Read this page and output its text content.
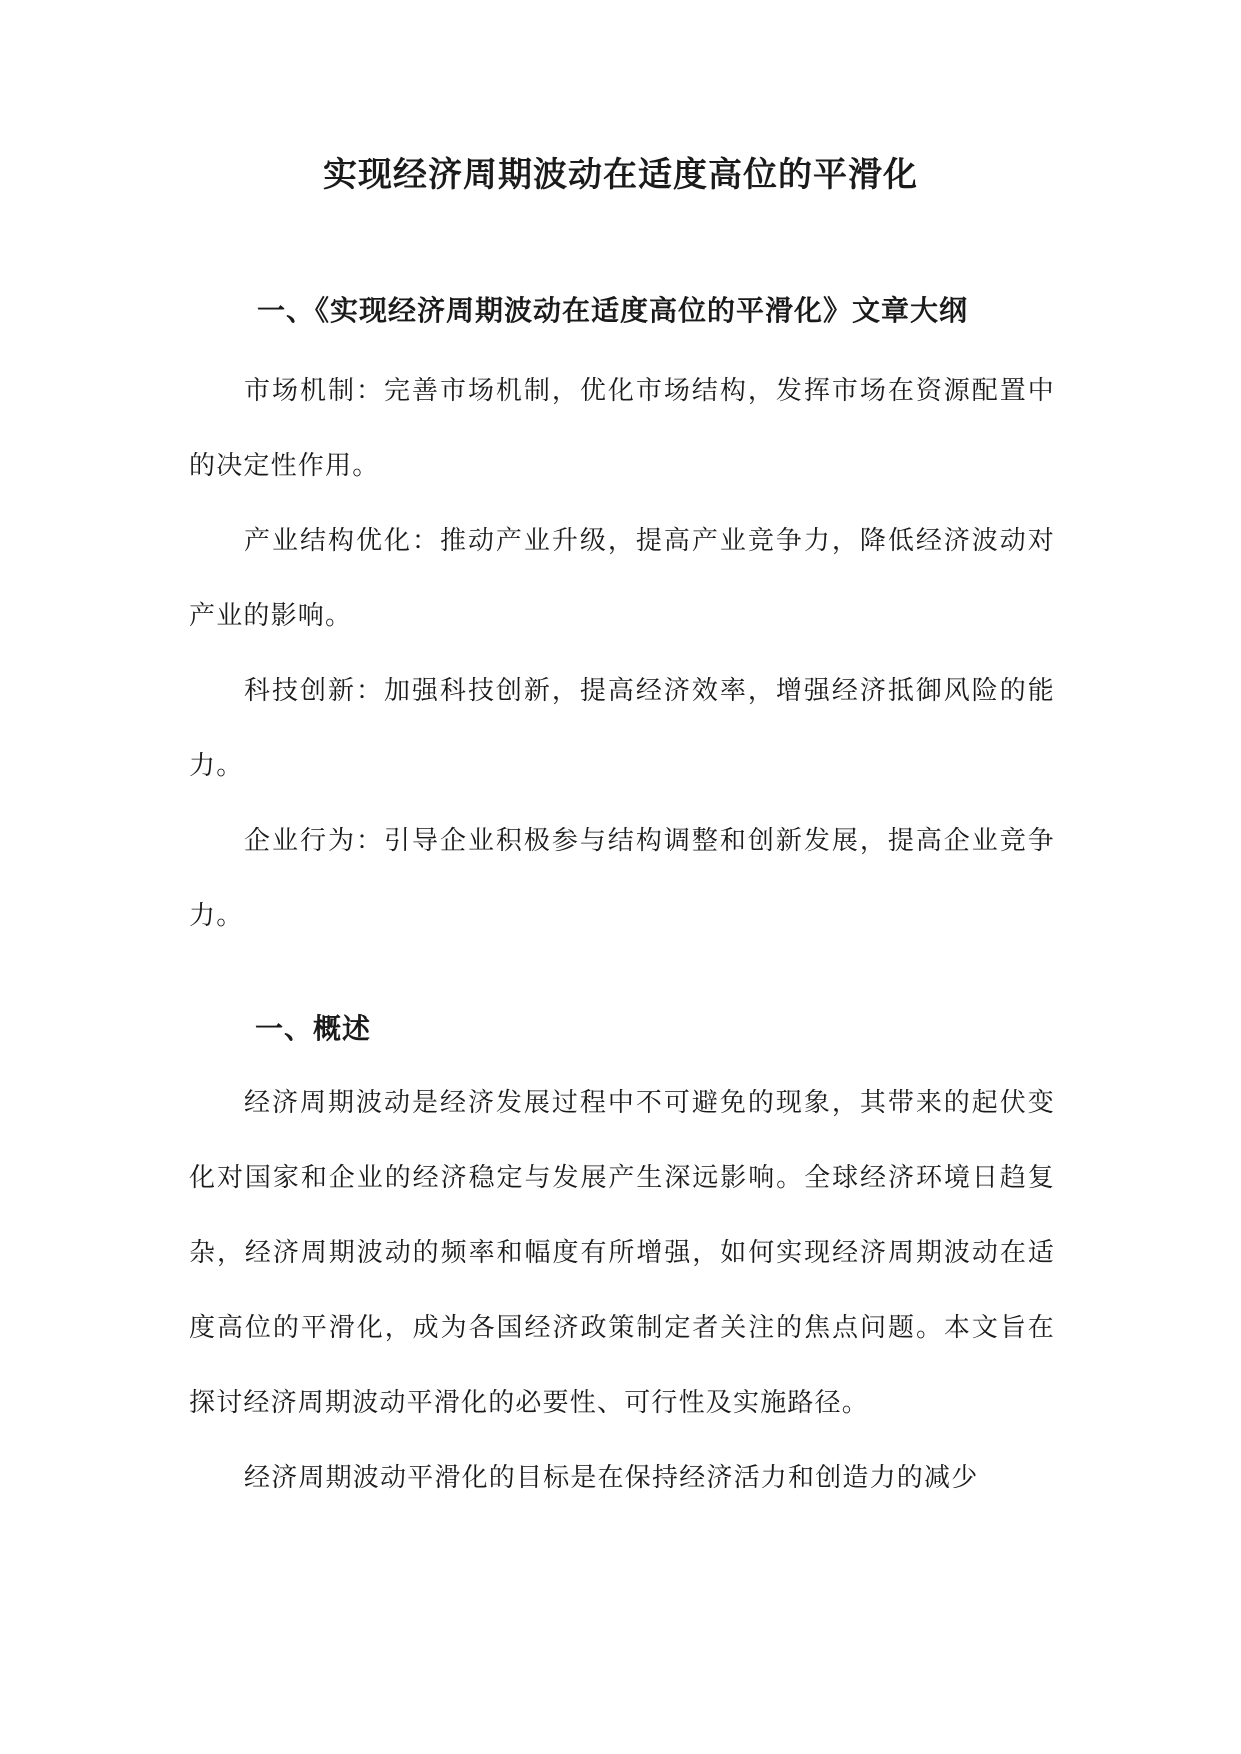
实现经济周期波动在适度高位的平滑化
一、《实现经济周期波动在适度高位的平滑化》文章大纲

市场机制：完善市场机制，优化市场结构，发挥市场在资源配置中的决定性作用。

产业结构优化：推动产业升级，提高产业竞争力，降低经济波动对产业的影响。

科技创新：加强科技创新，提高经济效率，增强经济抵御风险的能力。

企业行为：引导企业积极参与结构调整和创新发展，提高企业竞争力。

一、概述

经济周期波动是经济发展过程中不可避免的现象，其带来的起伏变化对国家和企业的经济稳定与发展产生深远影响。全球经济环境日趋复杂，经济周期波动的频率和幅度有所增强，如何实现经济周期波动在适度高位的平滑化，成为各国经济政策制定者关注的焦点问题。本文旨在探讨经济周期波动平滑化的必要性、可行性及实施路径。

经济周期波动平滑化的目标是在保持经济活力和创造力的减少
